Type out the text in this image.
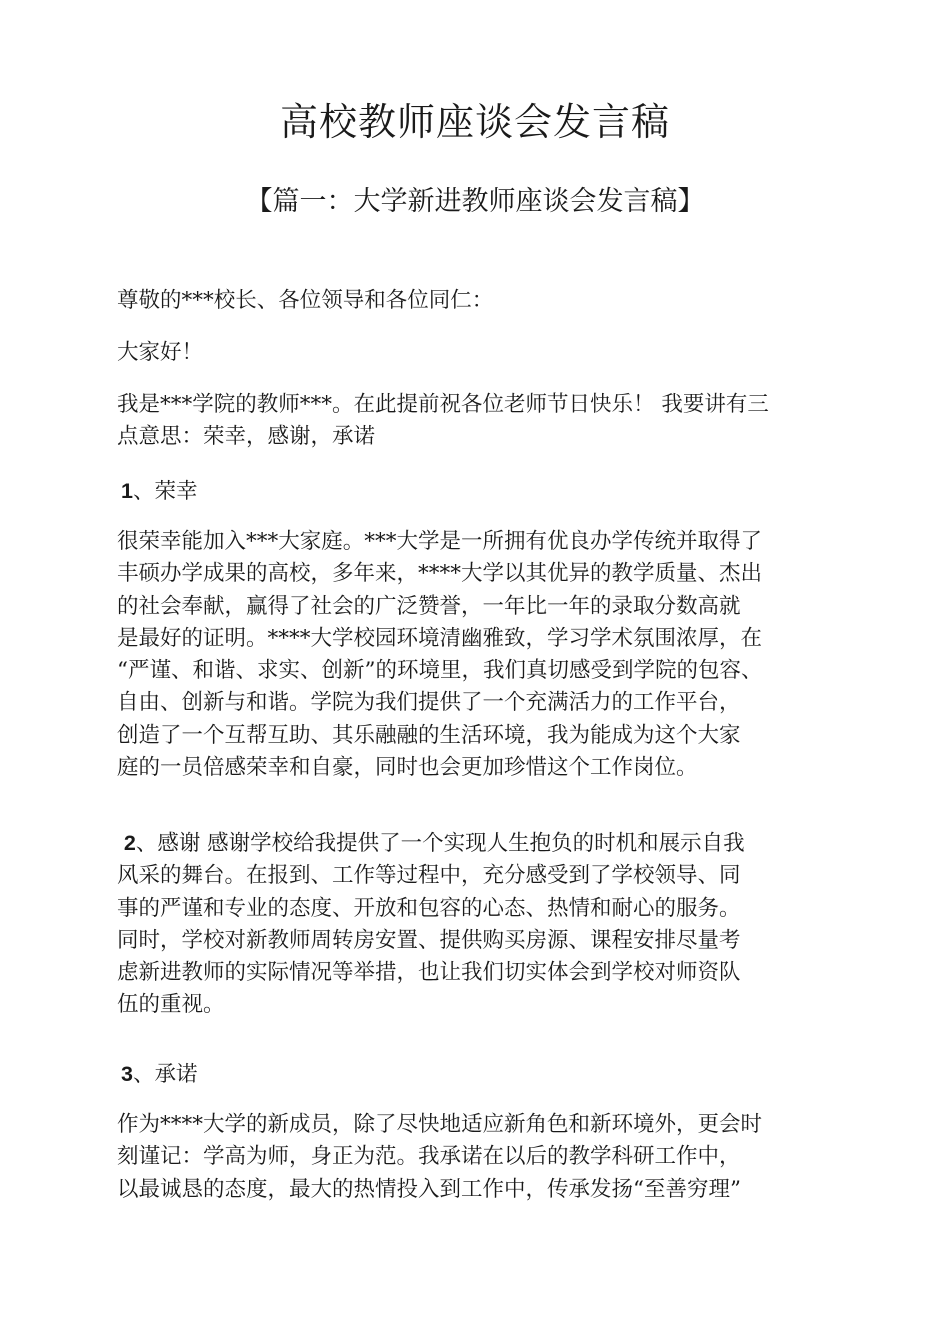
高校教师座谈会发言稿
【篇一：大学新进教师座谈会发言稿】

尊敬的***校长、各位领导和各位同仁：

大家好！

我是***学院的教师***。在此提前祝各位老师节日快乐！ 我要讲有三
点意思：荣幸，感谢，承诺

1、荣幸

很荣幸能加入***大家庭。***大学是一所拥有优良办学传统并取得了
丰硕办学成果的高校，多年来，****大学以其优异的教学质量、杰出
的社会奉献，赢得了社会的广泛赞誉，一年比一年的录取分数高就
是最好的证明。****大学校园环境清幽雅致，学习学术氛围浓厚，在
“严谨、和谐、求实、创新”的环境里，我们真切感受到学院的包容、
自由、创新与和谐。学院为我们提供了一个充满活力的工作平台，
创造了一个互帮互助、其乐融融的生活环境，我为能成为这个大家
庭的一员倍感荣幸和自豪，同时也会更加珍惜这个工作岗位。

2、感谢 感谢学校给我提供了一个实现人生抱负的时机和展示自我
风采的舞台。在报到、工作等过程中，充分感受到了学校领导、同
事的严谨和专业的态度、开放和包容的心态、热情和耐心的服务。
同时，学校对新教师周转房安置、提供购买房源、课程安排尽量考
虑新进教师的实际情况等举措，也让我们切实体会到学校对师资队
伍的重视。

3、承诺

作为****大学的新成员，除了尽快地适应新角色和新环境外，更会时
刻谨记：学高为师，身正为范。我承诺在以后的教学科研工作中，
以最诚恳的态度，最大的热情投入到工作中，传承发扬“至善穷理”
